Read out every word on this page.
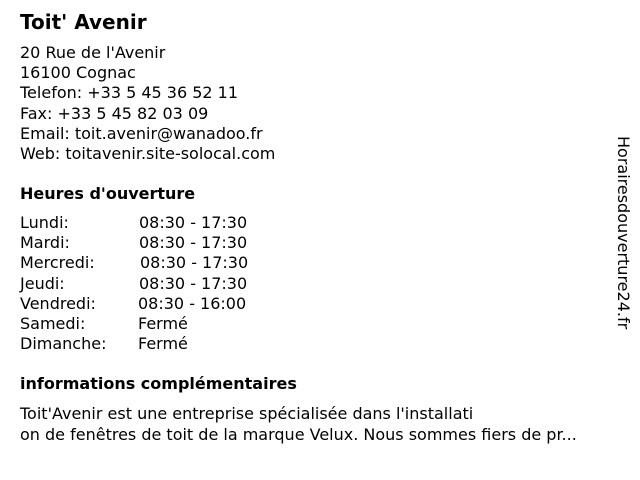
Toit' Avenir
20 Rue de l'Avenir
16100 Cognac
Telefon: +33 5 45 36 52 11
Fax: +33 5 45 82 03 09
Email: toit.avenir@wanadoo.fr
Web: toitavenir.site-solocal.com
Heures d'ouverture
Lundi:	08:30 - 17:30
Mardi:	08:30 - 17:30
Mercredi:	08:30 - 17:30
Jeudi:	08:30 - 17:30
Vendredi:	08:30 - 16:00
Samedi:	Fermé
Dimanche: Fermé
informations complémentaires
Toit'Avenir est une entreprise spécialisée dans l'installati
on de fenêtres de toit de la marque Velux. Nous sommes fiers de pr...
Horairesdouverture24.fr
